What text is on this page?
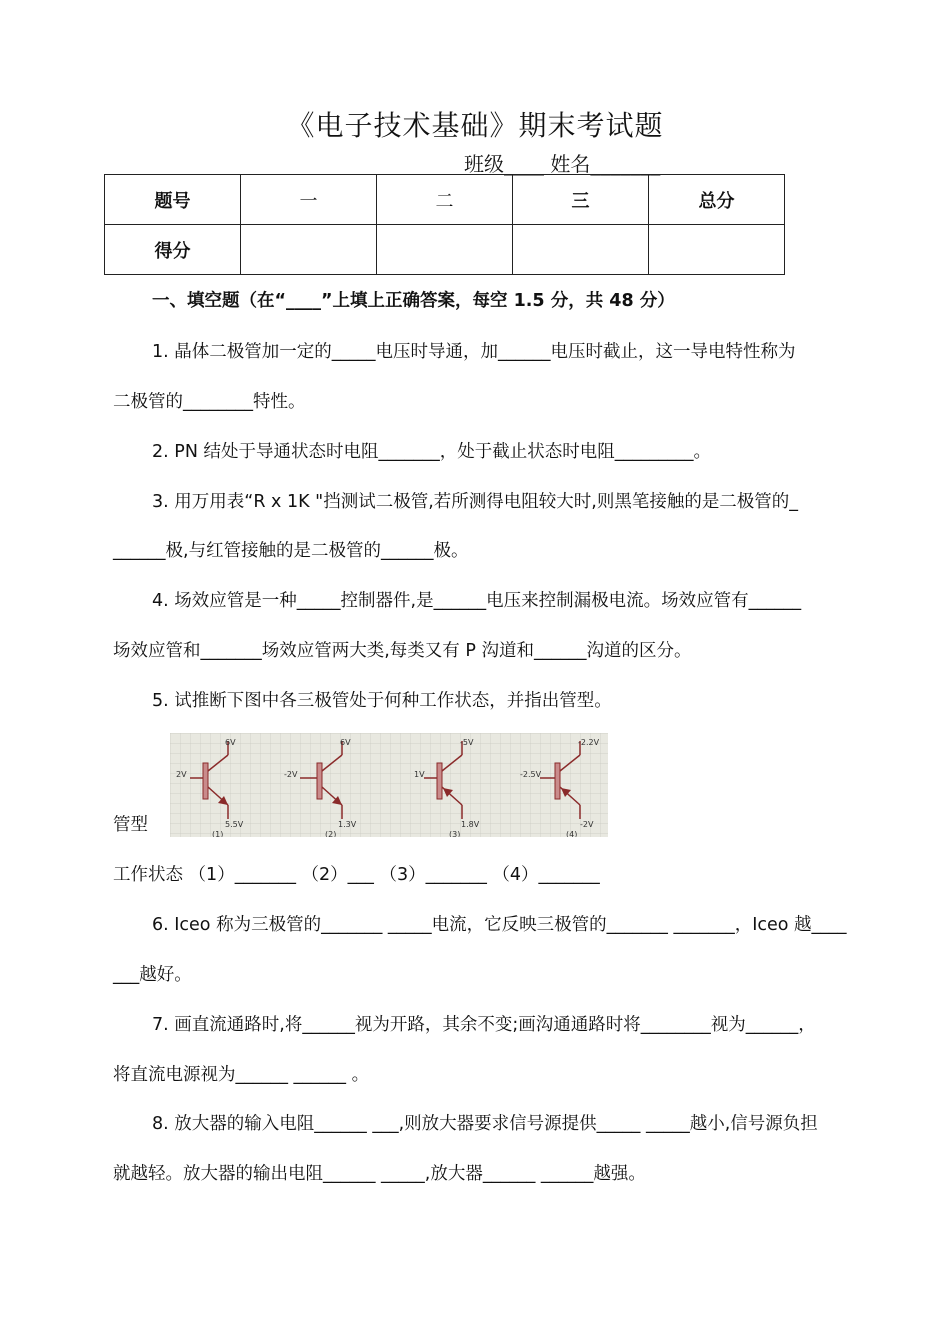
《电子技术基础》期末考试题
班级____ 姓名_______
题号	一	二	三	总分
得分				
一、填空题（在“____”上填上正确答案，每空 1.5 分，共 48 分）
1. 晶体二极管加一定的_____电压时导通，加______电压时截止，这一导电特性称为
二极管的________特性。
2. PN 结处于导通状态时电阻_______，处于截止状态时电阻_________。
3. 用万用表“R x 1K "挡测试二极管,若所测得电阻较大时,则黑笔接触的是二极管的_
______极,与红管接触的是二极管的______极。
4. 场效应管是一种_____控制器件,是______电压来控制漏极电流。场效应管有______
场效应管和_______场效应管两大类,每类又有 P 沟道和______沟道的区分。
5. 试推断下图中各三极管处于何种工作状态，并指出管型。
管型
6V
2V
5.5V
(1)
6V
-2V
1.3V
(2)
-5V
1V
1.8V
(3)
-2.2V
-2.5V
-2V
(4)
工作状态 （1）_______ （2）___ （3）_______ （4）_______
6. Iceo 称为三极管的_______ _____电流，它反映三极管的_______ _______，Iceo 越____
___越好。
7. 画直流通路时,将______视为开路，其余不变;画沟通通路时将________视为______，
将直流电源视为______ ______ 。
8. 放大器的输入电阻______ ___,则放大器要求信号源提供_____ _____越小,信号源负担
就越轻。放大器的输出电阻______ _____,放大器______ ______越强。
